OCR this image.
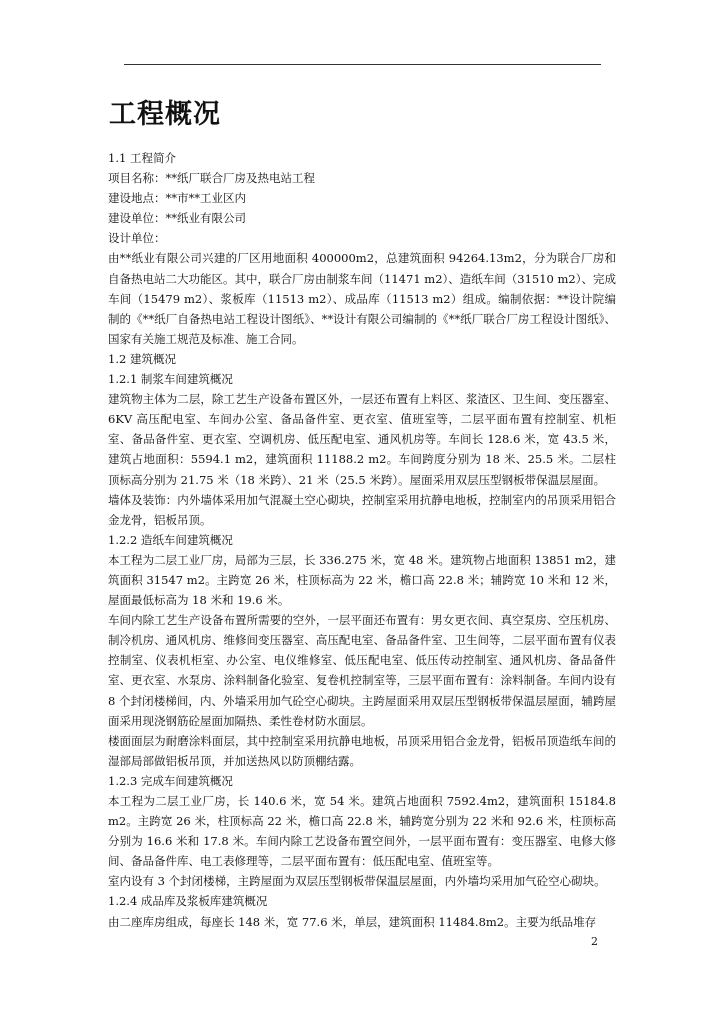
工程概况

1.1 工程简介

项目名称：**纸厂联合厂房及热电站工程

建设地点：**市**工业区内

建设单位：**纸业有限公司

设计单位：

由**纸业有限公司兴建的厂区用地面积 400000m2，总建筑面积 94264.13m2，分为联合厂房和自备热电站二大功能区。其中，联合厂房由制浆车间（11471 m2）、造纸车间（31510 m2）、完成车间（15479 m2）、浆板库（11513 m2）、成品库（11513 m2）组成。编制依据：**设计院编制的《**纸厂自备热电站工程设计图纸》、**设计有限公司编制的《**纸厂联合厂房工程设计图纸》、国家有关施工规范及标准、施工合同。

1.2 建筑概况

1.2.1 制浆车间建筑概况

建筑物主体为二层，除工艺生产设备布置区外，一层还布置有上料区、浆渣区、卫生间、变压器室、6KV 高压配电室、车间办公室、备品备件室、更衣室、值班室等，二层平面布置有控制室、机柜室、备品备件室、更衣室、空调机房、低压配电室、通风机房等。车间长 128.6 米，宽 43.5 米，建筑占地面积：5594.1 m2，建筑面积 11188.2 m2。车间跨度分别为 18 米、25.5 米。二层柱顶标高分别为 21.75 米（18 米跨）、21 米（25.5 米跨）。屋面采用双层压型钢板带保温层屋面。

墙体及装饰：内外墙体采用加气混凝土空心砌块，控制室采用抗静电地板，控制室内的吊顶采用铝合金龙骨，铝板吊顶。

1.2.2 造纸车间建筑概况

本工程为二层工业厂房，局部为三层，长 336.275 米，宽 48 米。建筑物占地面积 13851 m2，建筑面积 31547 m2。主跨宽 26 米，柱顶标高为 22 米，檐口高 22.8 米；辅跨宽 10 米和 12 米，屋面最低标高为 18 米和 19.6 米。

车间内除工艺生产设备布置所需要的空外，一层平面还布置有：男女更衣间、真空泵房、空压机房、制冷机房、通风机房、维修间变压器室、高压配电室、备品备件室、卫生间等，二层平面布置有仪表控制室、仪表机柜室、办公室、电仪维修室、低压配电室、低压传动控制室、通风机房、备品备件室、更衣室、水泵房、涂料制备化验室、复卷机控制室等，三层平面布置有：涂料制备。车间内设有 8 个封闭楼梯间，内、外墙采用加气砼空心砌块。主跨屋面采用双层压型钢板带保温层屋面，辅跨屋面采用现浇钢筋砼屋面加隔热、柔性卷材防水面层。

楼面面层为耐磨涂料面层，其中控制室采用抗静电地板，吊顶采用铝合金龙骨，铝板吊顶造纸车间的湿部局部做铝板吊顶，并加送热风以防顶棚结露。

1.2.3 完成车间建筑概况

本工程为二层工业厂房，长 140.6 米，宽 54 米。建筑占地面积 7592.4m2，建筑面积 15184.8 m2。主跨宽 26 米，柱顶标高 22 米，檐口高 22.8 米，辅跨宽分别为 22 米和 92.6 米，柱顶标高分别为 16.6 米和 17.8 米。车间内除工艺设备布置空间外，一层平面布置有：变压器室、电修大修间、备品备件库、电工表修理等，二层平面布置有：低压配电室、值班室等。

室内设有 3 个封闭楼梯，主跨屋面为双层压型钢板带保温层屋面，内外墙均采用加气砼空心砌块。

1.2.4 成品库及浆板库建筑概况

由二座库房组成，每座长 148 米，宽 77.6 米，单层，建筑面积 11484.8m2。主要为纸品堆存

2
